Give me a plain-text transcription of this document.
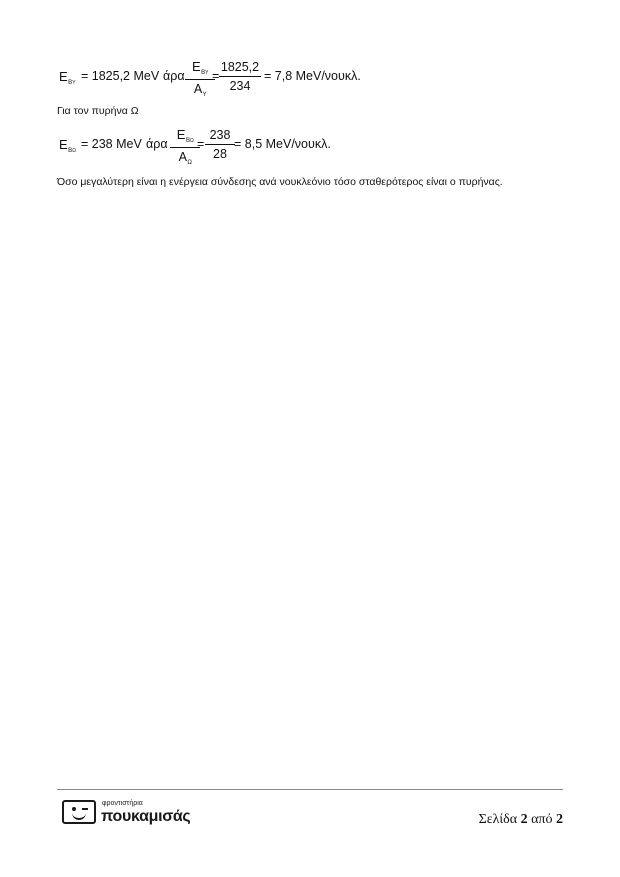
$E_{BY} = 1825,2$ MeV άρα
$E_{BY}$
$A_Y$
=
1825,2
234
= 7,8 MeV/νουκλ.
Για τον πυρήνα Ω
$E_{B\Omega} = 238$ MeV άρα
$E_{B\Omega}$
$A_\Omega$
=
238
28
= 8,5 MeV/νουκλ.
Όσο μεγαλύτερη είναι η ενέργεια σύνδεσης ανά νουκλεόνιο τόσο σταθερότερος είναι ο πυρήνας.
φροντιστήρια
πουκαμισάς	Σελίδα 2 από 2
